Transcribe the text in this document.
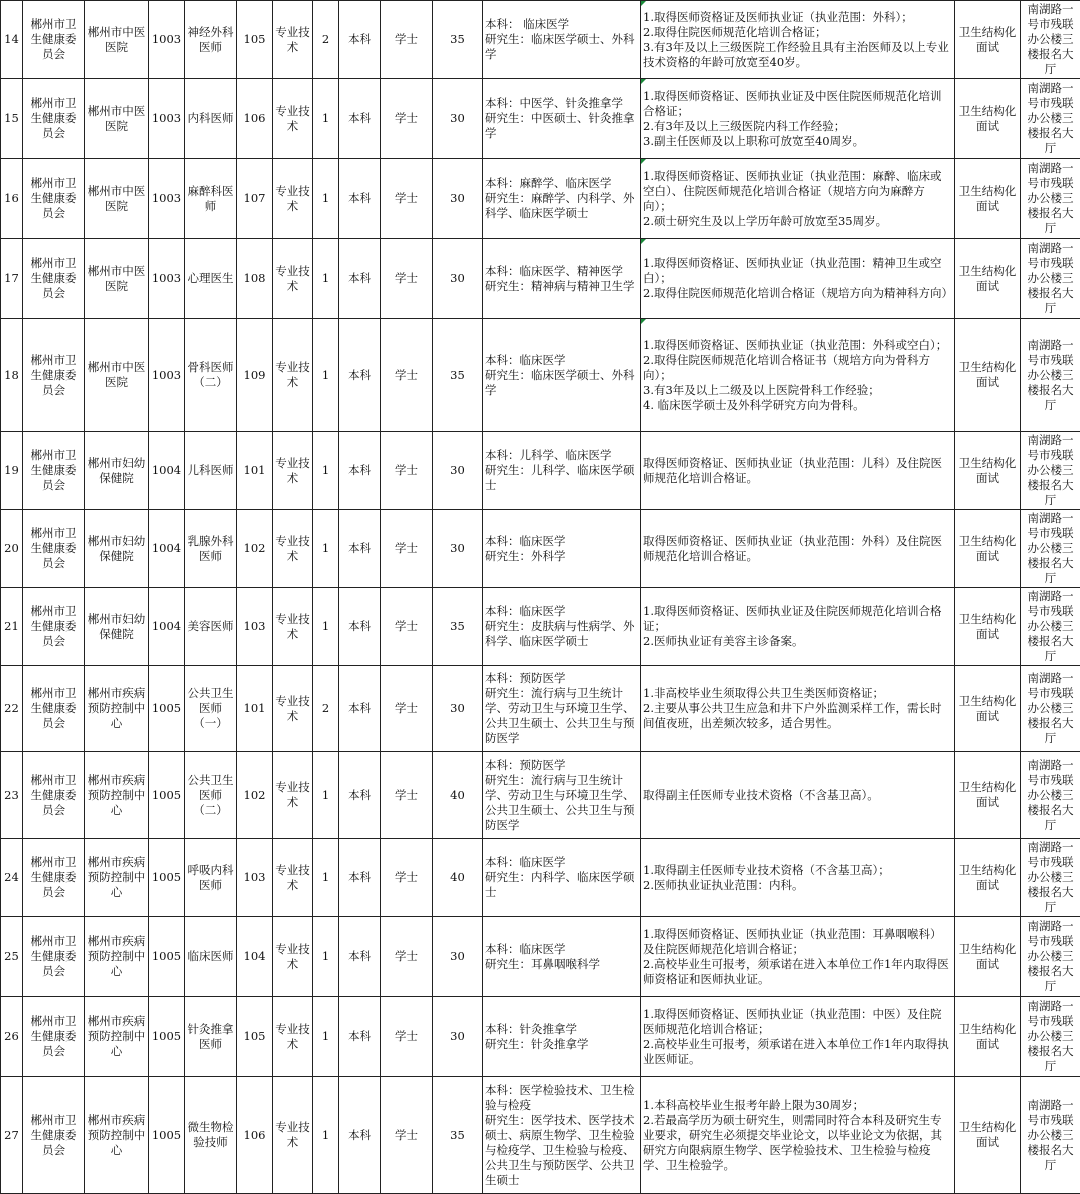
14	郴州市卫生健康委员会	郴州市中医医院	1003	神经外科医师	105	专业技术	2	本科	学士	35	本科： 临床医学
研究生：临床医学硕士、外科学	1.取得医师资格证及医师执业证（执业范围：外科）；
2.取得住院医师规范化培训合格证；
3.有3年及以上三级医院工作经验且具有主治医师及以上专业技术资格的年龄可放宽至40岁。	卫生结构化面试	南湖路一号市残联办公楼三楼报名大厅
15	郴州市卫生健康委员会	郴州市中医医院	1003	内科医师	106	专业技术	1	本科	学士	30	本科：中医学、针灸推拿学
研究生：中医硕士、针灸推拿学	1.取得医师资格证、医师执业证及中医住院医师规范化培训合格证；
2.有3年及以上三级医院内科工作经验；
3.副主任医师及以上职称可放宽至40周岁。	卫生结构化面试	南湖路一号市残联办公楼三楼报名大厅
16	郴州市卫生健康委员会	郴州市中医医院	1003	麻醉科医师	107	专业技术	1	本科	学士	30	本科：麻醉学、临床医学
研究生：麻醉学、内科学、外科学、临床医学硕士	1.取得医师资格证、医师执业证（执业范围：麻醉、临床或空白）、住院医师规范化培训合格证（规培方向为麻醉方向）；
2.硕士研究生及以上学历年龄可放宽至35周岁。	卫生结构化面试	南湖路一号市残联办公楼三楼报名大厅
17	郴州市卫生健康委员会	郴州市中医医院	1003	心理医生	108	专业技术	1	本科	学士	30	本科：临床医学、精神医学
研究生：精神病与精神卫生学	1.取得医师资格证、医师执业证（执业范围：精神卫生或空白）；
2.取得住院医师规范化培训合格证（规培方向为精神科方向）	卫生结构化面试	南湖路一号市残联办公楼三楼报名大厅
18	郴州市卫生健康委员会	郴州市中医医院	1003	骨科医师（二）	109	专业技术	1	本科	学士	35	本科：临床医学
研究生：临床医学硕士、外科学	1.取得医师资格证、医师执业证（执业范围：外科或空白）；
2.取得住院医师规范化培训合格证书（规培方向为骨科方向）；
3.有3年及以上二级及以上医院骨科工作经验；
4. 临床医学硕士及外科学研究方向为骨科。	卫生结构化面试	南湖路一号市残联办公楼三楼报名大厅
19	郴州市卫生健康委员会	郴州市妇幼保健院	1004	儿科医师	101	专业技术	1	本科	学士	30	本科：儿科学、临床医学
研究生：儿科学、临床医学硕士	取得医师资格证、医师执业证（执业范围：儿科）及住院医师规范化培训合格证。	卫生结构化面试	南湖路一号市残联办公楼三楼报名大厅
20	郴州市卫生健康委员会	郴州市妇幼保健院	1004	乳腺外科医师	102	专业技术	1	本科	学士	30	本科：临床医学
研究生：外科学	取得医师资格证、医师执业证（执业范围：外科）及住院医师规范化培训合格证。	卫生结构化面试	南湖路一号市残联办公楼三楼报名大厅
21	郴州市卫生健康委员会	郴州市妇幼保健院	1004	美容医师	103	专业技术	1	本科	学士	35	本科：临床医学
研究生：皮肤病与性病学、外科学、临床医学硕士	1.取得医师资格证、医师执业证及住院医师规范化培训合格证；
2.医师执业证有美容主诊备案。	卫生结构化面试	南湖路一号市残联办公楼三楼报名大厅
22	郴州市卫生健康委员会	郴州市疾病预防控制中心	1005	公共卫生医师（一）	101	专业技术	2	本科	学士	30	本科：预防医学
研究生：流行病与卫生统计学、劳动卫生与环境卫生学、公共卫生硕士、公共卫生与预防医学	1.非高校毕业生须取得公共卫生类医师资格证；
2.主要从事公共卫生应急和井下户外监测采样工作，需长时间值夜班，出差频次较多，适合男性。	卫生结构化面试	南湖路一号市残联办公楼三楼报名大厅
23	郴州市卫生健康委员会	郴州市疾病预防控制中心	1005	公共卫生医师（二）	102	专业技术	1	本科	学士	40	本科：预防医学
研究生：流行病与卫生统计学、劳动卫生与环境卫生学、公共卫生硕士、公共卫生与预防医学	取得副主任医师专业技术资格（不含基卫高）。	卫生结构化面试	南湖路一号市残联办公楼三楼报名大厅
24	郴州市卫生健康委员会	郴州市疾病预防控制中心	1005	呼吸内科医师	103	专业技术	1	本科	学士	40	本科：临床医学
研究生：内科学、临床医学硕士	1.取得副主任医师专业技术资格（不含基卫高）；
2.医师执业证执业范围：内科。	卫生结构化面试	南湖路一号市残联办公楼三楼报名大厅
25	郴州市卫生健康委员会	郴州市疾病预防控制中心	1005	临床医师	104	专业技术	1	本科	学士	30	本科：临床医学
研究生：耳鼻咽喉科学	1.取得医师资格证、医师执业证（执业范围：耳鼻咽喉科）及住院医师规范化培训合格证；
2.高校毕业生可报考，须承诺在进入本单位工作1年内取得医师资格证和医师执业证。	卫生结构化面试	南湖路一号市残联办公楼三楼报名大厅
26	郴州市卫生健康委员会	郴州市疾病预防控制中心	1005	针灸推拿医师	105	专业技术	1	本科	学士	30	本科：针灸推拿学
研究生：针灸推拿学	1.取得医师资格证、医师执业证（执业范围：中医）及住院医师规范化培训合格证；
2.高校毕业生可报考，须承诺在进入本单位工作1年内取得执业医师证。	卫生结构化面试	南湖路一号市残联办公楼三楼报名大厅
27	郴州市卫生健康委员会	郴州市疾病预防控制中心	1005	微生物检验技师	106	专业技术	1	本科	学士	35	本科：医学检验技术、卫生检验与检疫
研究生：医学技术、医学技术硕士、病原生物学、卫生检验与检疫学、卫生检验与检疫、公共卫生与预防医学、公共卫生硕士	1.本科高校毕业生报考年龄上限为30周岁；
2.若最高学历为硕士研究生，则需同时符合本科及研究生专业要求，研究生必须提交毕业论文，以毕业论文为依据，其研究方向限病原生物学、医学检验技术、卫生检验与检疫学、卫生检验学。	卫生结构化面试	南湖路一号市残联办公楼三楼报名大厅
